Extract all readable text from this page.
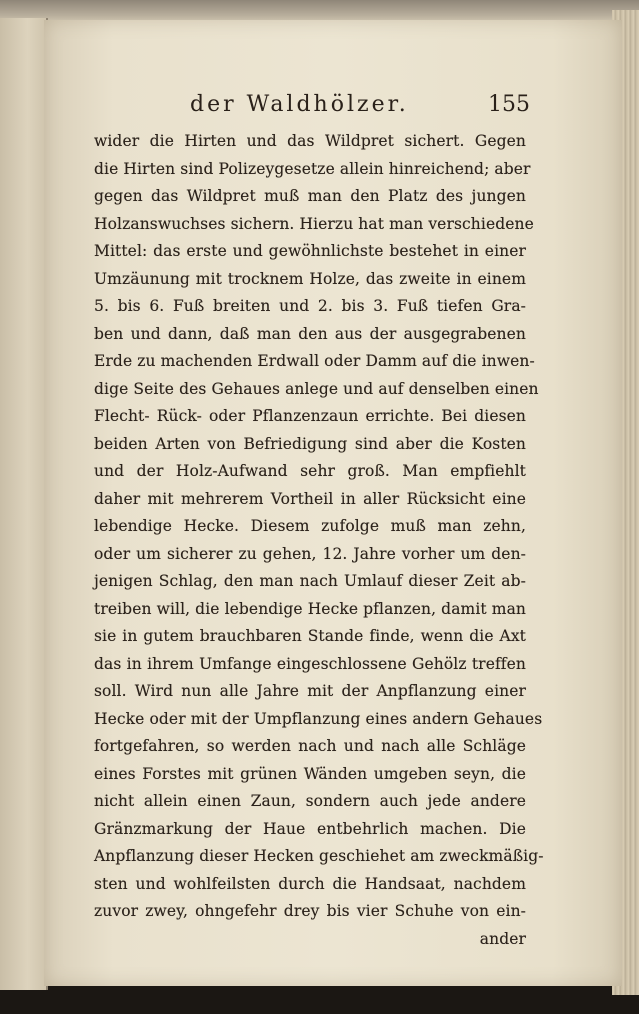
der Waldhölzer.	155
wider die Hirten und das Wildpret sichert. Gegen
die Hirten sind Polizeygesetze allein hinreichend; aber
gegen das Wildpret muß man den Platz des jungen
Holzanswuchses sichern. Hierzu hat man verschiedene
Mittel: das erste und gewöhnlichste bestehet in einer
Umzäunung mit trocknem Holze, das zweite in einem
5. bis 6. Fuß breiten und 2. bis 3. Fuß tiefen Gra-
ben und dann, daß man den aus der ausgegrabenen
Erde zu machenden Erdwall oder Damm auf die inwen-
dige Seite des Gehaues anlege und auf denselben einen
Flecht- Rück- oder Pflanzenzaun errichte. Bei diesen
beiden Arten von Befriedigung sind aber die Kosten
und der Holz-Aufwand sehr groß. Man empfiehlt
daher mit mehrerem Vortheil in aller Rücksicht eine
lebendige Hecke. Diesem zufolge muß man zehn,
oder um sicherer zu gehen, 12. Jahre vorher um den-
jenigen Schlag, den man nach Umlauf dieser Zeit ab-
treiben will, die lebendige Hecke pflanzen, damit man
sie in gutem brauchbaren Stande finde, wenn die Axt
das in ihrem Umfange eingeschlossene Gehölz treffen
soll. Wird nun alle Jahre mit der Anpflanzung einer
Hecke oder mit der Umpflanzung eines andern Gehaues
fortgefahren, so werden nach und nach alle Schläge
eines Forstes mit grünen Wänden umgeben seyn, die
nicht allein einen Zaun, sondern auch jede andere
Gränzmarkung der Haue entbehrlich machen. Die
Anpflanzung dieser Hecken geschiehet am zweckmäßig-
sten und wohlfeilsten durch die Handsaat, nachdem
zuvor zwey, ohngefehr drey bis vier Schuhe von ein-
ander
